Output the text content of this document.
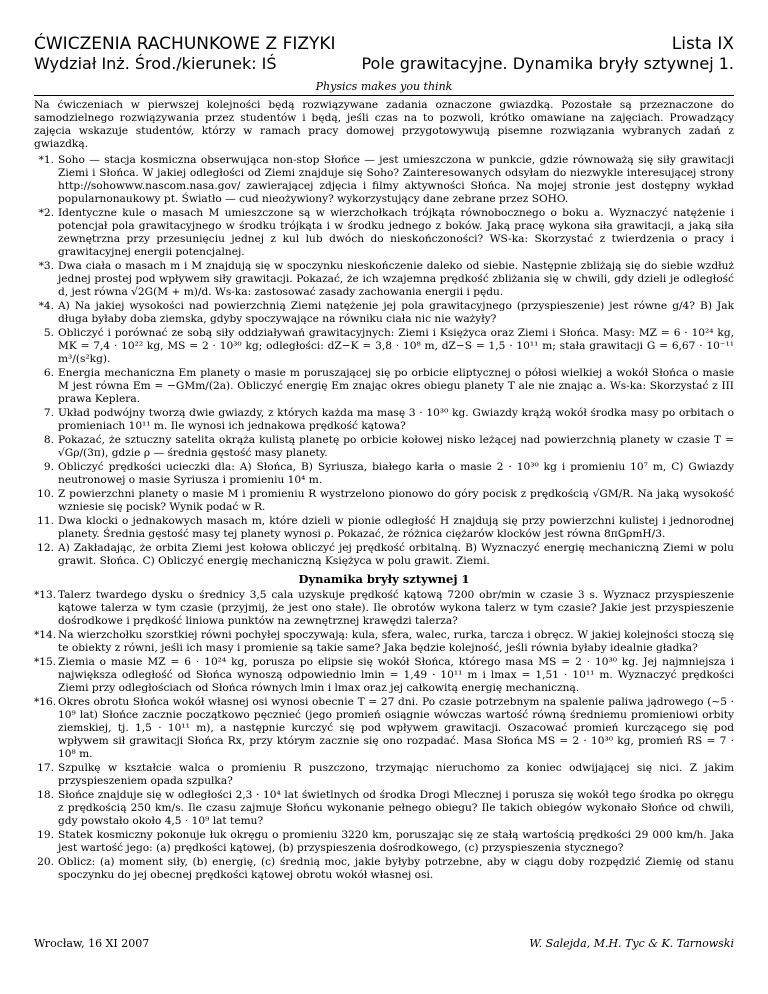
ĆWICZENIA RACHUNKOWE Z FIZYKI	Lista IX
Wydział Inż. Środ./kierunek: IŚ	Pole grawitacyjne. Dynamika bryły sztywnej 1.
Physics makes you think
Na ćwiczeniach w pierwszej kolejności będą rozwiązywane zadania oznaczone gwiazdką. Pozostałe są przeznaczone do samodzielnego rozwiązywania przez studentów i będą, jeśli czas na to pozwoli, krótko omawiane na zajęciach. Prowadzący zajęcia wskazuje studentów, którzy w ramach pracy domowej przygotowywują pisemne rozwiązania wybranych zadań z gwiazdką.
*1. Soho — stacja kosmiczna obserwująca non-stop Słońce — jest umieszczona w punkcie, gdzie równoważą się siły grawitacji Ziemi i Słońca. W jakiej odległości od Ziemi znajduje się Soho? Zainteresowanych odsyłam do niezwykle interesującej strony http://sohowww.nascom.nasa.gov/ zawierającej zdjęcia i filmy aktywności Słońca. Na mojej stronie jest dostępny wykład popularnonaukowy pt. Światło — cud nieożywiony? wykorzystujący dane zebrane przez SOHO.
*2. Identyczne kule o masach M umieszczone są w wierzchołkach trójkąta równobocznego o boku a. Wyznaczyć natężenie i potencjał pola grawitacyjnego w środku trójkąta i w środku jednego z boków. Jaką pracę wykona siła grawitacji, a jaką siła zewnętrzna przy przesunięciu jednej z kul lub dwóch do nieskończoności? WS-ka: Skorzystać z twierdzenia o pracy i grawitacyjnej energii potencjalnej.
*3. Dwa ciała o masach m i M znajdują się w spoczynku nieskończenie daleko od siebie. Następnie zbliżają się do siebie wzdłuż jednej prostej pod wpływem siły grawitacji. Pokazać, że ich wzajemna prędkość zbliżania się w chwili, gdy dzieli je odległość d, jest równa √2G(M + m)/d. Ws-ka: zastosować zasady zachowania energii i pędu.
*4. A) Na jakiej wysokości nad powierzchnią Ziemi natężenie jej pola grawitacyjnego (przyspieszenie) jest równe g/4? B) Jak długa byłaby doba ziemska, gdyby spoczywające na równiku ciała nic nie ważyły?
5. Obliczyć i porównać ze sobą siły oddziaływań grawitacyjnych: Ziemi i Księżyca oraz Ziemi i Słońca. Masy: MZ = 6 · 10²⁴ kg, MK = 7,4 · 10²² kg, MS = 2 · 10³⁰ kg; odległości: dZ−K = 3,8 · 10⁸ m, dZ−S = 1,5 · 10¹¹ m; stała grawitacji G = 6,67 · 10⁻¹¹ m³/(s²kg).
6. Energia mechaniczna Em planety o masie m poruszającej się po orbicie eliptycznej o półosi wielkiej a wokół Słońca o masie M jest równa Em = −GMm/(2a). Obliczyć energię Em znając okres obiegu planety T ale nie znając a. Ws-ka: Skorzystać z III prawa Keplera.
7. Układ podwójny tworzą dwie gwiazdy, z których każda ma masę 3 · 10³⁰ kg. Gwiazdy krążą wokół środka masy po orbitach o promieniach 10¹¹ m. Ile wynosi ich jednakowa prędkość kątowa?
8. Pokazać, że sztuczny satelita okrąża kulistą planetę po orbicie kołowej nisko leżącej nad powierzchnią planety w czasie T = √Gρ/(3π), gdzie ρ — średnia gęstość masy planety.
9. Obliczyć prędkości ucieczki dla: A) Słońca, B) Syriusza, białego karła o masie 2 · 10³⁰ kg i promieniu 10⁷ m, C) Gwiazdy neutronowej o masie Syriusza i promieniu 10⁴ m.
10. Z powierzchni planety o masie M i promieniu R wystrzelono pionowo do góry pocisk z prędkością √GM/R. Na jaką wysokość wzniesie się pocisk? Wynik podać w R.
11. Dwa klocki o jednakowych masach m, które dzieli w pionie odległość H znajdują się przy powierzchni kulistej i jednorodnej planety. Średnia gęstość masy tej planety wynosi ρ. Pokazać, że różnica ciężarów klocków jest równa 8πGρmH/3.
12. A) Zakładając, że orbita Ziemi jest kołowa obliczyć jej prędkość orbitalną. B) Wyznaczyć energię mechaniczną Ziemi w polu grawit. Słońca. C) Obliczyć energię mechaniczną Księżyca w polu grawit. Ziemi.
Dynamika bryły sztywnej 1
*13. Talerz twardego dysku o średnicy 3,5 cala uzyskuje prędkość kątową 7200 obr/min w czasie 3 s. Wyznacz przyspieszenie kątowe talerza w tym czasie (przyjmij, że jest ono stałe). Ile obrotów wykona talerz w tym czasie? Jakie jest przyspieszenie dośrodkowe i prędkość liniowa punktów na zewnętrznej krawędzi talerza?
*14. Na wierzchołku szorstkiej równi pochyłej spoczywają: kula, sfera, walec, rurka, tarcza i obręcz. W jakiej kolejności stoczą się te obiekty z równi, jeśli ich masy i promienie są takie same? Jaka będzie kolejność, jeśli równia byłaby idealnie gładka?
*15. Ziemia o masie MZ = 6 · 10²⁴ kg, porusza po elipsie się wokół Słońca, którego masa MS = 2 · 10³⁰ kg. Jej najmniejsza i największa odległość od Słońca wynoszą odpowiednio lmin = 1,49 · 10¹¹ m i lmax = 1,51 · 10¹¹ m. Wyznaczyć prędkości Ziemi przy odległościach od Słońca równych lmin i lmax oraz jej całkowitą energię mechaniczną.
*16. Okres obrotu Słońca wokół własnej osi wynosi obecnie T = 27 dni. Po czasie potrzebnym na spalenie paliwa jądrowego (∼5 · 10⁹ lat) Słońce zacznie początkowo pęcznieć (jego promień osiągnie wówczas wartość równą średniemu promieniowi orbity ziemskiej, tj. 1,5 · 10¹¹ m), a następnie kurczyć się pod wpływem grawitacji. Oszacować promień kurczącego się pod wpływem sił grawitacji Słońca Rx, przy którym zacznie się ono rozpadać. Masa Słońca MS = 2 · 10³⁰ kg, promień RS = 7 · 10⁸ m.
17. Szpulkę w kształcie walca o promieniu R puszczono, trzymając nieruchomo za koniec odwijającej się nici. Z jakim przyspieszeniem opada szpulka?
18. Słońce znajduje się w odległości 2,3 · 10⁴ lat świetlnych od środka Drogi Mlecznej i porusza się wokół tego środka po okręgu z prędkością 250 km/s. Ile czasu zajmuje Słońcu wykonanie pełnego obiegu? Ile takich obiegów wykonało Słońce od chwili, gdy powstało około 4,5 · 10⁹ lat temu?
19. Statek kosmiczny pokonuje łuk okręgu o promieniu 3220 km, poruszając się ze stałą wartością prędkości 29 000 km/h. Jaka jest wartość jego: (a) prędkości kątowej, (b) przyspieszenia dośrodkowego, (c) przyspieszenia stycznego?
20. Oblicz: (a) moment siły, (b) energię, (c) średnią moc, jakie byłyby potrzebne, aby w ciągu doby rozpędzić Ziemię od stanu spoczynku do jej obecnej prędkości kątowej obrotu wokół własnej osi.
Wrocław, 16 XI 2007	W. Salejda, M.H. Tyc & K. Tarnowski
